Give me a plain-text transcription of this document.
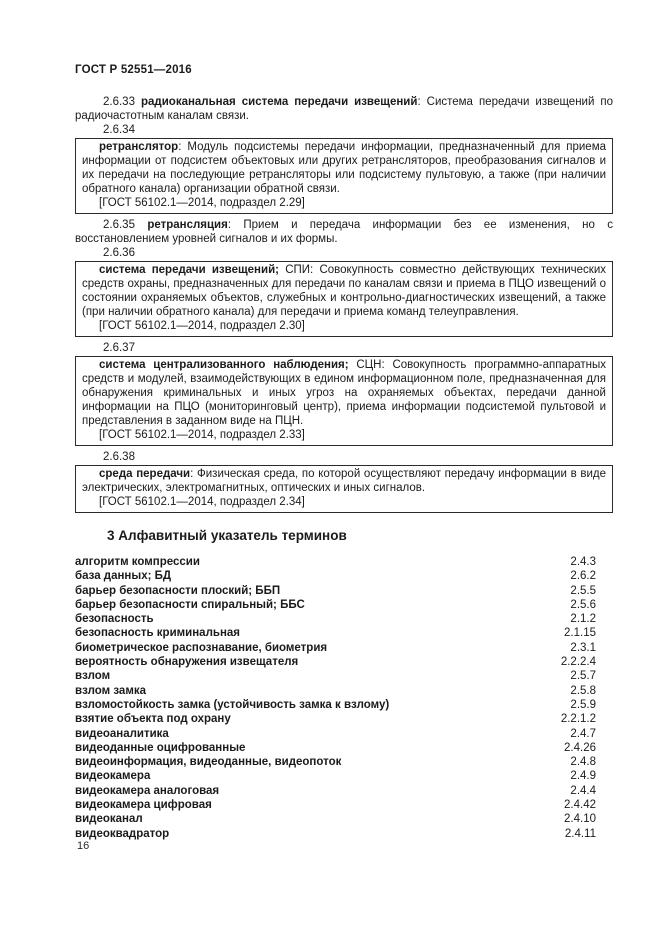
ГОСТ Р 52551—2016

2.6.33 радиоканальная система передачи извещений: Система передачи извещений по радиочастотным каналам связи.

2.6.34

ретранслятор: Модуль подсистемы передачи информации, предназначенный для приема информации от подсистем объектовых или других ретрансляторов, преобразования сигналов и их передачи на последующие ретрансляторы или подсистему пультовую, а также (при наличии обратного канала) организации обратной связи.

[ГОСТ 56102.1—2014, подраздел 2.29]

2.6.35 ретрансляция: Прием и передача информации без ее изменения, но с восстановлением уровней сигналов и их формы.

2.6.36

система передачи извещений; СПИ: Совокупность совместно действующих технических средств охраны, предназначенных для передачи по каналам связи и приема в ПЦО извещений о состоянии охраняемых объектов, служебных и контрольно-диагностических извещений, а также (при наличии обратного канала) для передачи и приема команд телеуправления.

[ГОСТ 56102.1—2014, подраздел 2.30]

2.6.37

система централизованного наблюдения; СЦН: Совокупность программно-аппаратных средств и модулей, взаимодействующих в едином информационном поле, предназначенная для обнаружения криминальных и иных угроз на охраняемых объектах, передачи данной информации на ПЦО (мониторинговый центр), приема информации подсистемой пультовой и представления в заданном виде на ПЦН.

[ГОСТ 56102.1—2014, подраздел 2.33]

2.6.38

среда передачи: Физическая среда, по которой осуществляют передачу информации в виде электрических, электромагнитных, оптических и иных сигналов.

[ГОСТ 56102.1—2014, подраздел 2.34]

3 Алфавитный указатель терминов
алгоритм компрессии	2.4.3
база данных; БД	2.6.2
барьер безопасности плоский; ББП	2.5.5
барьер безопасности спиральный; ББС	2.5.6
безопасность	2.1.2
безопасность криминальная	2.1.15
биометрическое распознавание, биометрия	2.3.1
вероятность обнаружения извещателя	2.2.2.4
взлом	2.5.7
взлом замка	2.5.8
взломостойкость замка (устойчивость замка к взлому)	2.5.9
взятие объекта под охрану	2.2.1.2
видеоаналитика	2.4.7
видеоданные оцифрованные	2.4.26
видеоинформация, видеоданные, видеопоток	2.4.8
видеокамера	2.4.9
видеокамера аналоговая	2.4.4
видеокамера цифровая	2.4.42
видеоканал	2.4.10
видеоквадратор	2.4.11
16
